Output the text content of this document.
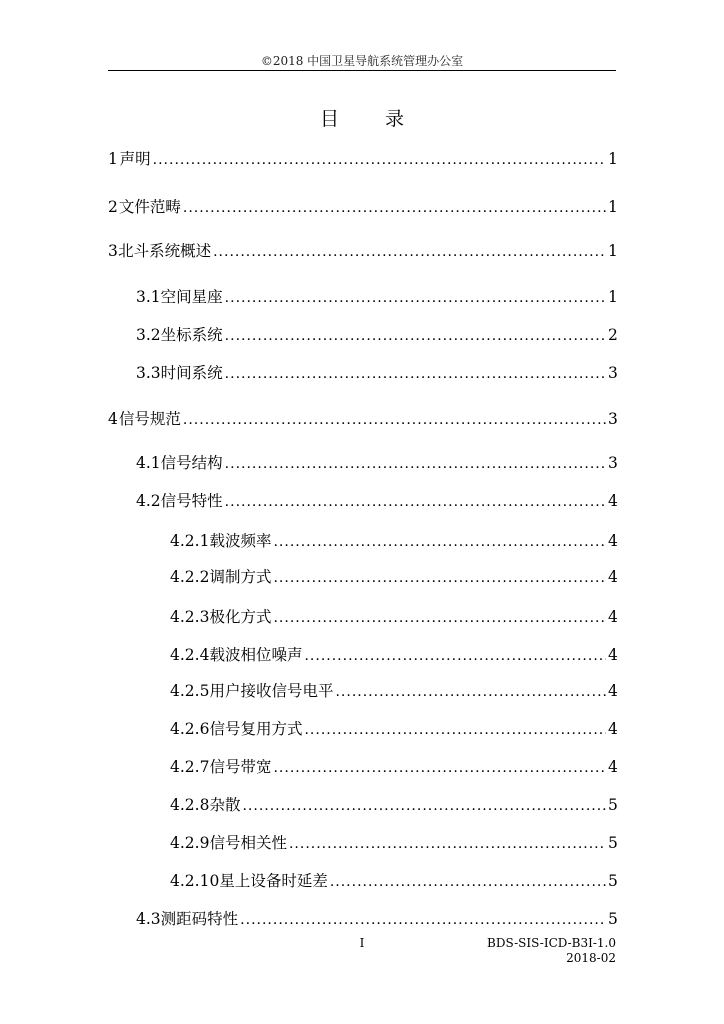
©2018 中国卫星导航系统管理办公室
目 录
1 声明 .....	1
2 文件范畴 .....	1
3 北斗系统概述 .....	1
3.1 空间星座 .....	1
3.2 坐标系统 .....	2
3.3 时间系统 .....	3
4 信号规范 .....	3
4.1 信号结构 .....	3
4.2 信号特性 .....	4
4.2.1 载波频率 .....	4
4.2.2 调制方式 .....	4
4.2.3 极化方式 .....	4
4.2.4 载波相位噪声 .....	4
4.2.5 用户接收信号电平 .....	4
4.2.6 信号复用方式 .....	4
4.2.7 信号带宽 .....	4
4.2.8 杂散 .....	5
4.2.9 信号相关性 .....	5
4.2.10 星上设备时延差 .....	5
4.3 测距码特性 .....	5
I	BDS-SIS-ICD-B3I-1.0
2018-02
